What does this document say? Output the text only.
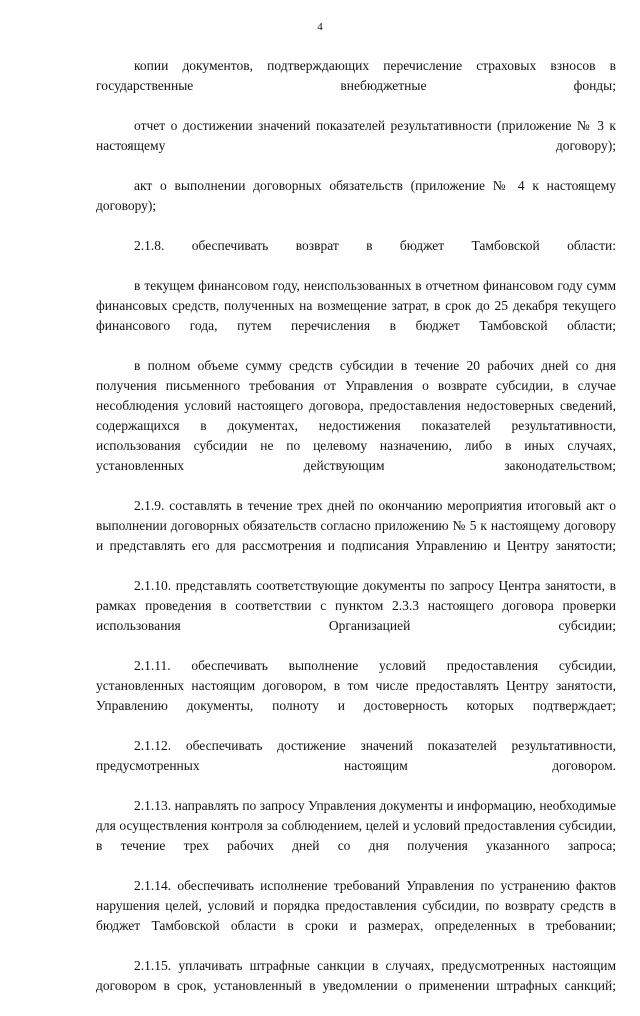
4

копии документов, подтверждающих перечисление страховых взносов в государственные внебюджетные фонды;

отчет о достижении значений показателей результативности (приложение № 3 к настоящему договору);

акт о выполнении договорных обязательств (приложение № 4 к настоящему договору);

2.1.8. обеспечивать возврат в бюджет Тамбовской области:

в текущем финансовом году, неиспользованных в отчетном финансовом году сумм финансовых средств, полученных на возмещение затрат, в срок до 25 декабря текущего финансового года, путем перечисления в бюджет Тамбовской области;

в полном объеме сумму средств субсидии в течение 20 рабочих дней со дня получения письменного требования от Управления о возврате субсидии, в случае несоблюдения условий настоящего договора, предоставления недостоверных сведений, содержащихся в документах, недостижения показателей результативности, использования субсидии не по целевому назначению, либо в иных случаях, установленных действующим законодательством;

2.1.9. составлять в течение трех дней по окончанию мероприятия итоговый акт о выполнении договорных обязательств согласно приложению № 5 к настоящему договору и представлять его для рассмотрения и подписания Управлению и Центру занятости;

2.1.10. представлять соответствующие документы по запросу Центра занятости, в рамках проведения в соответствии с пунктом 2.3.3 настоящего договора проверки использования Организацией субсидии;

2.1.11. обеспечивать выполнение условий предоставления субсидии, установленных настоящим договором, в том числе предоставлять Центру занятости, Управлению документы, полноту и достоверность которых подтверждает;

2.1.12. обеспечивать достижение значений показателей результативности, предусмотренных настоящим договором.

2.1.13. направлять по запросу Управления документы и информацию, необходимые для осуществления контроля за соблюдением, целей и условий предоставления субсидии, в течение трех рабочих дней со дня получения указанного запроса;

2.1.14. обеспечивать исполнение требований Управления по устранению фактов нарушения целей, условий и порядка предоставления субсидии, по возврату средств в бюджет Тамбовской области в сроки и размерах, определенных в требовании;

2.1.15. уплачивать штрафные санкции в случаях, предусмотренных настоящим договором в срок, установленный в уведомлении о применении штрафных санкций;
